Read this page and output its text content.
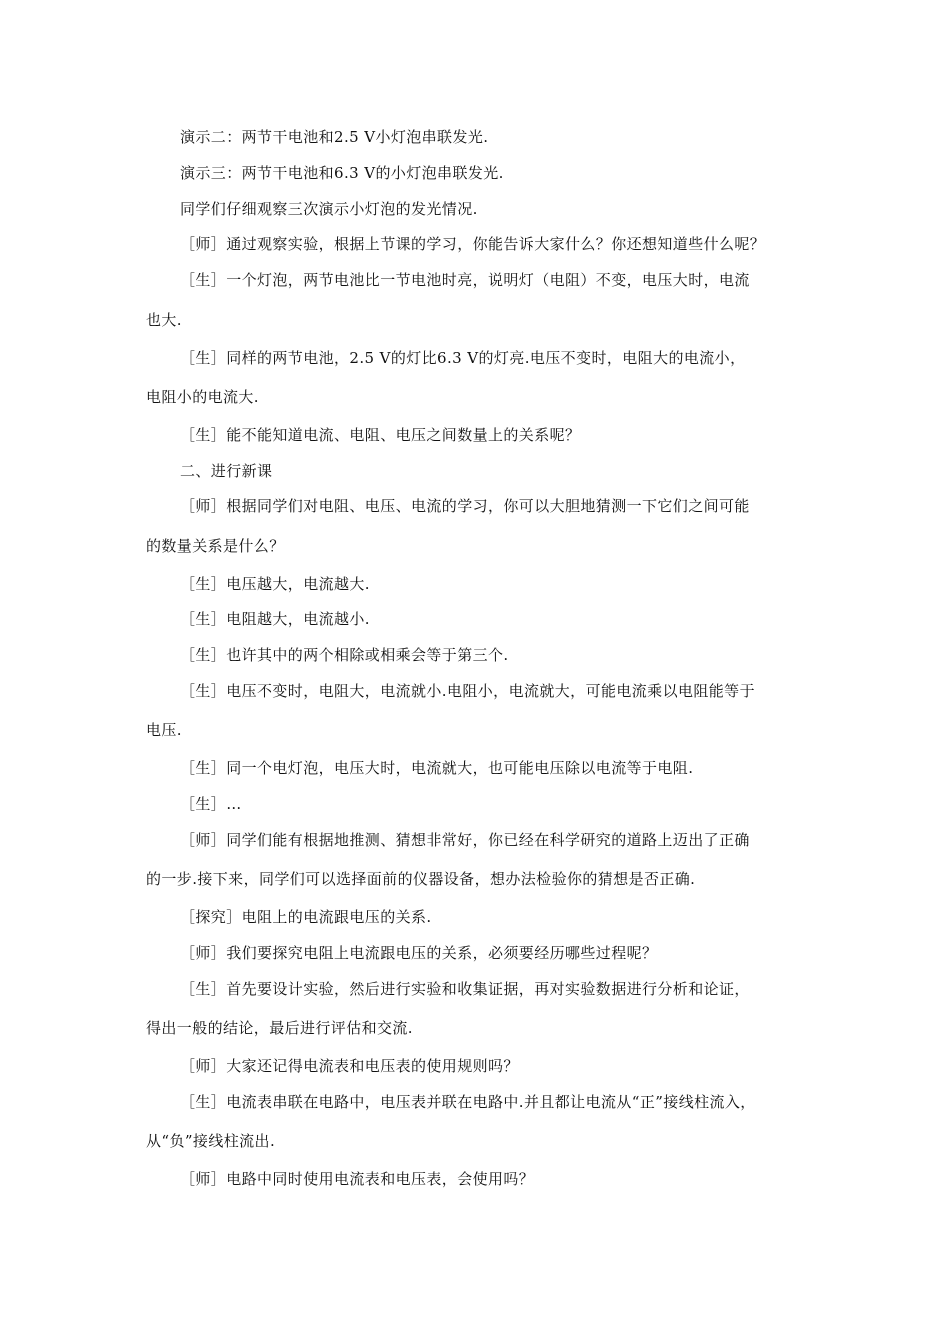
演示二：两节干电池和2.5 V小灯泡串联发光.
演示三：两节干电池和6.3 V的小灯泡串联发光.
同学们仔细观察三次演示小灯泡的发光情况.
［师］通过观察实验，根据上节课的学习，你能告诉大家什么？你还想知道些什么呢？
［生］一个灯泡，两节电池比一节电池时亮，说明灯（电阻）不变，电压大时，电流
也大.
［生］同样的两节电池，2.5 V的灯比6.3 V的灯亮.电压不变时，电阻大的电流小，
电阻小的电流大.
［生］能不能知道电流、电阻、电压之间数量上的关系呢？
二、进行新课
［师］根据同学们对电阻、电压、电流的学习，你可以大胆地猜测一下它们之间可能
的数量关系是什么？
［生］电压越大，电流越大.
［生］电阻越大，电流越小.
［生］也许其中的两个相除或相乘会等于第三个.
［生］电压不变时，电阻大，电流就小.电阻小，电流就大，可能电流乘以电阻能等于
电压.
［生］同一个电灯泡，电压大时，电流就大，也可能电压除以电流等于电阻.
［生］…
［师］同学们能有根据地推测、猜想非常好，你已经在科学研究的道路上迈出了正确
的一步.接下来，同学们可以选择面前的仪器设备，想办法检验你的猜想是否正确.
［探究］电阻上的电流跟电压的关系.
［师］我们要探究电阻上电流跟电压的关系，必须要经历哪些过程呢？
［生］首先要设计实验，然后进行实验和收集证据，再对实验数据进行分析和论证，
得出一般的结论，最后进行评估和交流.
［师］大家还记得电流表和电压表的使用规则吗？
［生］电流表串联在电路中，电压表并联在电路中.并且都让电流从“正”接线柱流入，
从“负”接线柱流出.
［师］电路中同时使用电流表和电压表，会使用吗？
